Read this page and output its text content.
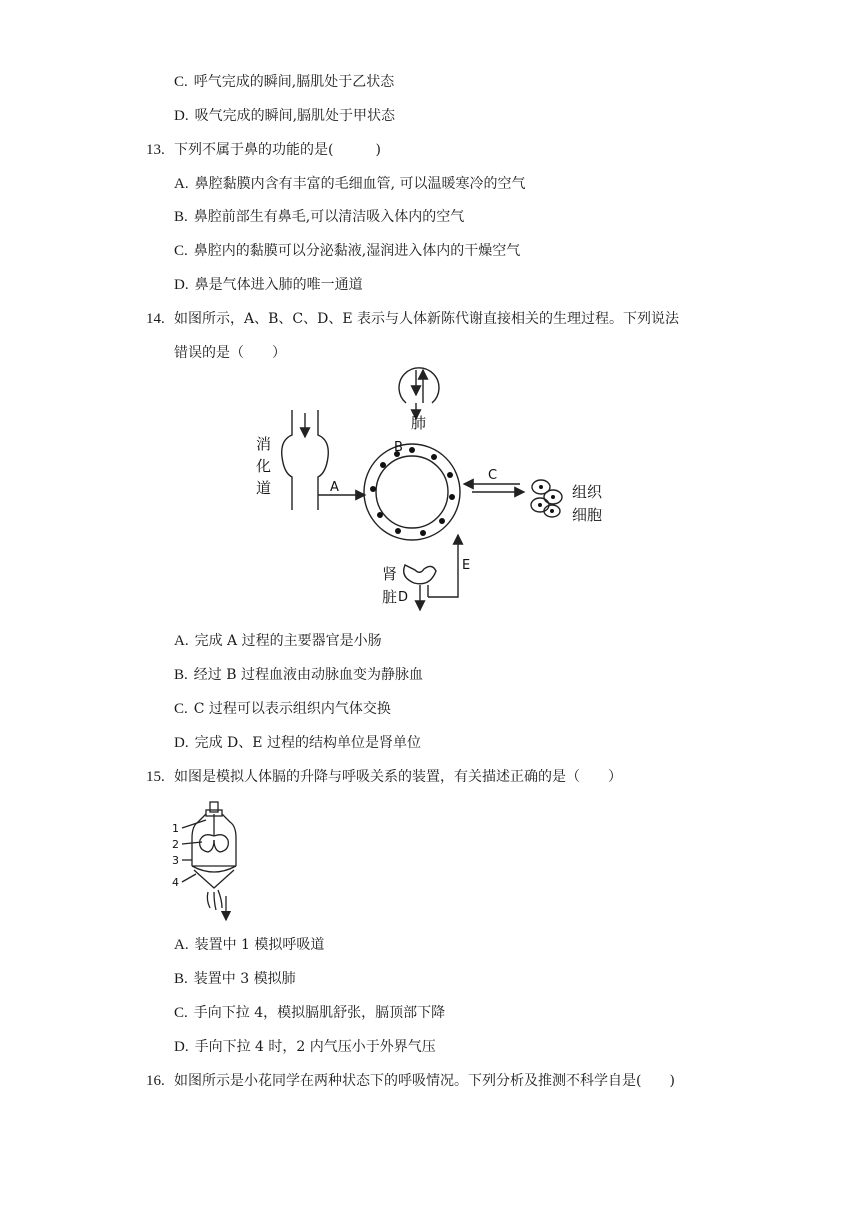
C. 呼气完成的瞬间,膈肌处于乙状态
D. 吸气完成的瞬间,膈肌处于甲状态
13. 下列不属于鼻的功能的是(　　　)
A. 鼻腔黏膜内含有丰富的毛细血管, 可以温暖寒冷的空气
B. 鼻腔前部生有鼻毛,可以清洁吸入体内的空气
C. 鼻腔内的黏膜可以分泌黏液,湿润进入体内的干燥空气
D. 鼻是气体进入肺的唯一通道
14. 如图所示，A、B、C、D、E 表示与人体新陈代谢直接相关的生理过程。下列说法
错误的是（　　）
消
化
道
肺
组织
细胞
肾
脏
A
B
C
D
E
A. 完成 A 过程的主要器官是小肠
B. 经过 B 过程血液由动脉血变为静脉血
C. C 过程可以表示组织内气体交换
D. 完成 D、E 过程的结构单位是肾单位
15. 如图是模拟人体膈的升降与呼吸关系的装置，有关描述正确的是（　　）
1
2
3
4
A. 装置中 1 模拟呼吸道
B. 装置中 3 模拟肺
C. 手向下拉 4，模拟膈肌舒张，膈顶部下降
D. 手向下拉 4 时，2 内气压小于外界气压
16. 如图所示是小花同学在两种状态下的呼吸情况。下列分析及推测不科学自是(　　)
